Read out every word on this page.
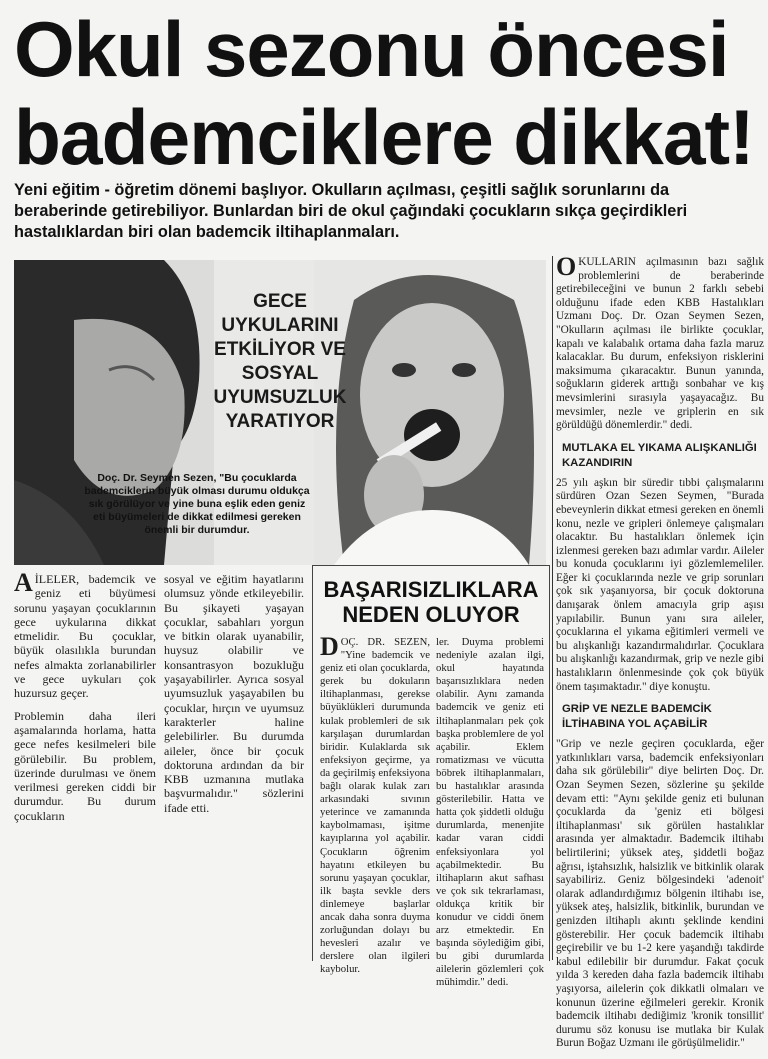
Okul sezonu öncesi
bademciklere dikkat!
Yeni eğitim - öğretim dönemi başlıyor. Okulların açılması, çeşitli sağlık sorunlarını da beraberinde getirebiliyor. Bunlardan biri de okul çağındaki çocukların sıkça geçirdikleri hastalıklardan biri olan bademcik iltihaplanmaları.
GECE UYKULARINI ETKİLİYOR VE SOSYAL UYUMSUZLUK YARATIYOR
Doç. Dr. Seymen Sezen, "Bu çocuklarda bademciklerin büyük olması durumu oldukça sık görülüyor ve yine buna eşlik eden geniz eti büyümeleri de dikkat edilmesi gereken önemli bir durumdur.

AİLELER, bademcik ve geniz eti büyümesi sorunu yaşayan çocuklarının gece uykularına dikkat etmelidir. Bu çocuklar, büyük olasılıkla burundan nefes almakta zorlanabilirler ve gece uykuları çok huzursuz geçer.

Problemin daha ileri aşamalarında horlama, hatta gece nefes kesilmeleri bile görülebilir. Bu problem, üzerinde durulması ve önem verilmesi gereken ciddi bir durumdur. Bu durum çocukların

sosyal ve eğitim hayatlarını olumsuz yönde etkileyebilir. Bu şikayeti yaşayan çocuklar, sabahları yorgun ve bitkin olarak uyanabilir, huysuz olabilir ve konsantrasyon bozukluğu yaşayabilirler. Ayrıca sosyal uyumsuzluk yaşayabilen bu çocuklar, hırçın ve uyumsuz karakterler haline gelebilirler. Bu durumda aileler, önce bir çocuk doktoruna ardından da bir KBB uzmanına mutlaka başvurmalıdır." sözlerini ifade etti.

BAŞARISIZLIKLARA NEDEN OLUYOR

DOÇ. DR. SEZEN, "Yine bademcik ve geniz eti olan çocuklarda, gerek bu dokuların iltihaplanması, gerekse büyüklükleri durumunda kulak problemleri de sık karşılaşan durumlardan biridir. Kulaklarda sık enfeksiyon geçirme, ya da geçirilmiş enfeksiyona bağlı olarak kulak zarı arkasındaki sıvının yeterince ve zamanında kaybolmaması, işitme kayıplarına yol açabilir. Çocukların öğrenim hayatını etkileyen bu sorunu yaşayan çocuklar, ilk başta sevkle ders dinlemeye başlarlar ancak daha sonra duyma zorluğundan dolayı bu hevesleri azalır ve derslere olan ilgileri kaybolur.

ler. Duyma problemi nedeniyle azalan ilgi, okul hayatında başarısızlıklara neden olabilir. Aynı zamanda bademcik ve geniz eti iltihaplanmaları pek çok başka problemlere de yol açabilir. Eklem romatizması ve vücutta böbrek iltihaplanmaları, bu hastalıklar arasında gösterilebilir. Hatta ve hatta çok şiddetli olduğu durumlarda, menenjite kadar varan ciddi enfeksiyonlara yol açabilmektedir. Bu iltihapların akut safhası ve çok sık tekrarlaması, oldukça kritik bir konudur ve ciddi önem arz etmektedir. En başında söylediğim gibi, bu gibi durumlarda ailelerin gözlemleri çok mühimdir." dedi.

OKULLARIN açılmasının bazı sağlık problemlerini de beraberinde getirebileceğini ve bunun 2 farklı sebebi olduğunu ifade eden KBB Hastalıkları Uzmanı Doç. Dr. Ozan Seymen Sezen, "Okulların açılması ile birlikte çocuklar, kapalı ve kalabalık ortama daha fazla maruz kalacaklar. Bu durum, enfeksiyon risklerini maksimuma çıkaracaktır. Bunun yanında, soğukların giderek arttığı sonbahar ve kış mevsimlerini sırasıyla yaşayacağız. Bu mevsimler, nezle ve griplerin en sık görüldüğü dönemlerdir." dedi.

MUTLAKA EL YIKAMA ALIŞKANLIĞI KAZANDIRIN

25 yılı aşkın bir süredir tıbbi çalışmalarını sürdüren Ozan Sezen Seymen, "Burada ebeveynlerin dikkat etmesi gereken en önemli konu, nezle ve gripleri önlemeye çalışmaları olacaktır. Bu hastalıkları önlemek için izlenmesi gereken bazı adımlar vardır. Aileler bu konuda çocuklarını iyi gözlemlemeliler. Eğer ki çocuklarında nezle ve grip sorunları çok sık yaşanıyorsa, bir çocuk doktoruna danışarak önlem amacıyla grip aşısı yapılabilir. Bunun yanı sıra aileler, çocuklarına el yıkama eğitimleri vermeli ve bu alışkanlığı kazandırmalıdırlar. Çocuklara bu alışkanlığı kazandırmak, grip ve nezle gibi hastalıkların önlenmesinde çok çok büyük önem taşımaktadır." diye konuştu.

GRİP VE NEZLE BADEMCİK İLTİHABINA YOL AÇABİLİR

"Grip ve nezle geçiren çocuklarda, eğer yatkınlıkları varsa, bademcik enfeksiyonları daha sık görülebilir" diye belirten Doç. Dr. Ozan Seymen Sezen, sözlerine şu şekilde devam etti: "Aynı şekilde geniz eti bulunan çocuklarda da 'geniz eti bölgesi iltihaplanması' sık görülen hastalıklar arasında yer almaktadır. Bademcik iltihabı belirtilerini; yüksek ateş, şiddetli boğaz ağrısı, iştahsızlık, halsizlik ve bitkinlik olarak sayabiliriz. Geniz bölgesindeki 'adenoit' olarak adlandırdığımız bölgenin iltihabı ise, yüksek ateş, halsizlik, bitkinlik, burundan ve genizden iltihaplı akıntı şeklinde kendini gösterebilir. Her çocuk bademcik iltihabı geçirebilir ve bu 1-2 kere yaşandığı takdirde kabul edilebilir bir durumdur. Fakat çocuk yılda 3 kereden daha fazla bademcik iltihabı yaşıyorsa, ailelerin çok dikkatli olmaları ve konunun üzerine eğilmeleri gerekir. Kronik bademcik iltihabı dediğimiz 'kronik tonsillit' durumu söz konusu ise mutlaka bir Kulak Burun Boğaz Uzmanı ile görüşülmelidir."
